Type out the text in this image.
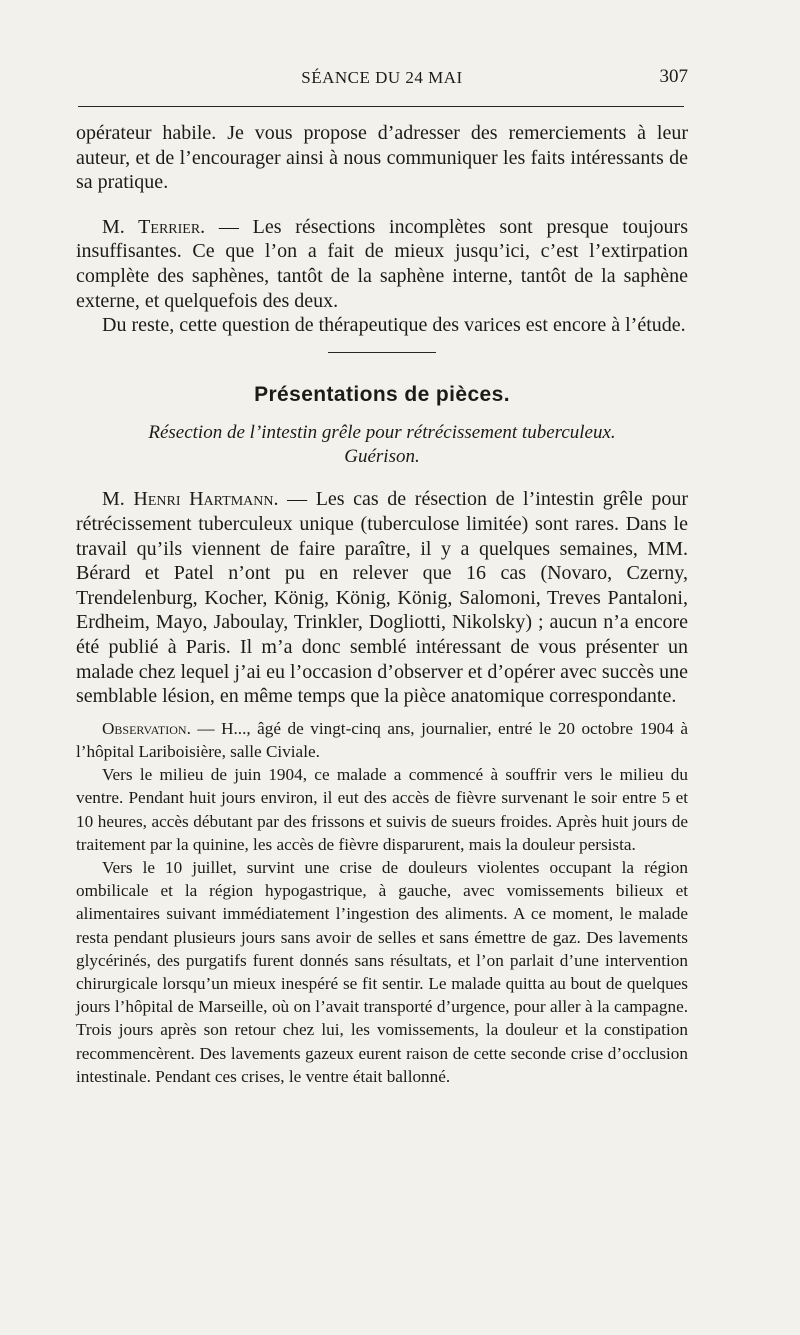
SÉANCE DU 24 MAI	307

opérateur habile. Je vous propose d’adresser des remerciements à leur auteur, et de l’encourager ainsi à nous communiquer les faits intéressants de sa pratique.

M. Terrier. — Les résections incomplètes sont presque toujours insuffisantes. Ce que l’on a fait de mieux jusqu’ici, c’est l’extirpation complète des saphènes, tantôt de la saphène interne, tantôt de la saphène externe, et quelquefois des deux.

Du reste, cette question de thérapeutique des varices est encore à l’étude.

Présentations de pièces.
Résection de l’intestin grêle pour rétrécissement tuberculeux.
Guérison.

M. Henri Hartmann. — Les cas de résection de l’intestin grêle pour rétrécissement tuberculeux unique (tuberculose limitée) sont rares. Dans le travail qu’ils viennent de faire paraître, il y a quelques semaines, MM. Bérard et Patel n’ont pu en relever que 16 cas (Novaro, Czerny, Trendelenburg, Kocher, König, König, König, Salomoni, Treves Pantaloni, Erdheim, Mayo, Jaboulay, Trinkler, Dogliotti, Nikolsky) ; aucun n’a encore été publié à Paris. Il m’a donc semblé intéressant de vous présenter un malade chez lequel j’ai eu l’occasion d’observer et d’opérer avec succès une semblable lésion, en même temps que la pièce anatomique correspondante.

Observation. — H..., âgé de vingt-cinq ans, journalier, entré le 20 octobre 1904 à l’hôpital Lariboisière, salle Civiale.

Vers le milieu de juin 1904, ce malade a commencé à souffrir vers le milieu du ventre. Pendant huit jours environ, il eut des accès de fièvre survenant le soir entre 5 et 10 heures, accès débutant par des frissons et suivis de sueurs froides. Après huit jours de traitement par la quinine, les accès de fièvre disparurent, mais la douleur persista.

Vers le 10 juillet, survint une crise de douleurs violentes occupant la région ombilicale et la région hypogastrique, à gauche, avec vomissements bilieux et alimentaires suivant immédiatement l’ingestion des aliments. A ce moment, le malade resta pendant plusieurs jours sans avoir de selles et sans émettre de gaz. Des lavements glycérinés, des purgatifs furent donnés sans résultats, et l’on parlait d’une intervention chirurgicale lorsqu’un mieux inespéré se fit sentir. Le malade quitta au bout de quelques jours l’hôpital de Marseille, où on l’avait transporté d’urgence, pour aller à la campagne. Trois jours après son retour chez lui, les vomissements, la douleur et la constipation recommencèrent. Des lavements gazeux eurent raison de cette seconde crise d’occlusion intestinale. Pendant ces crises, le ventre était ballonné.
